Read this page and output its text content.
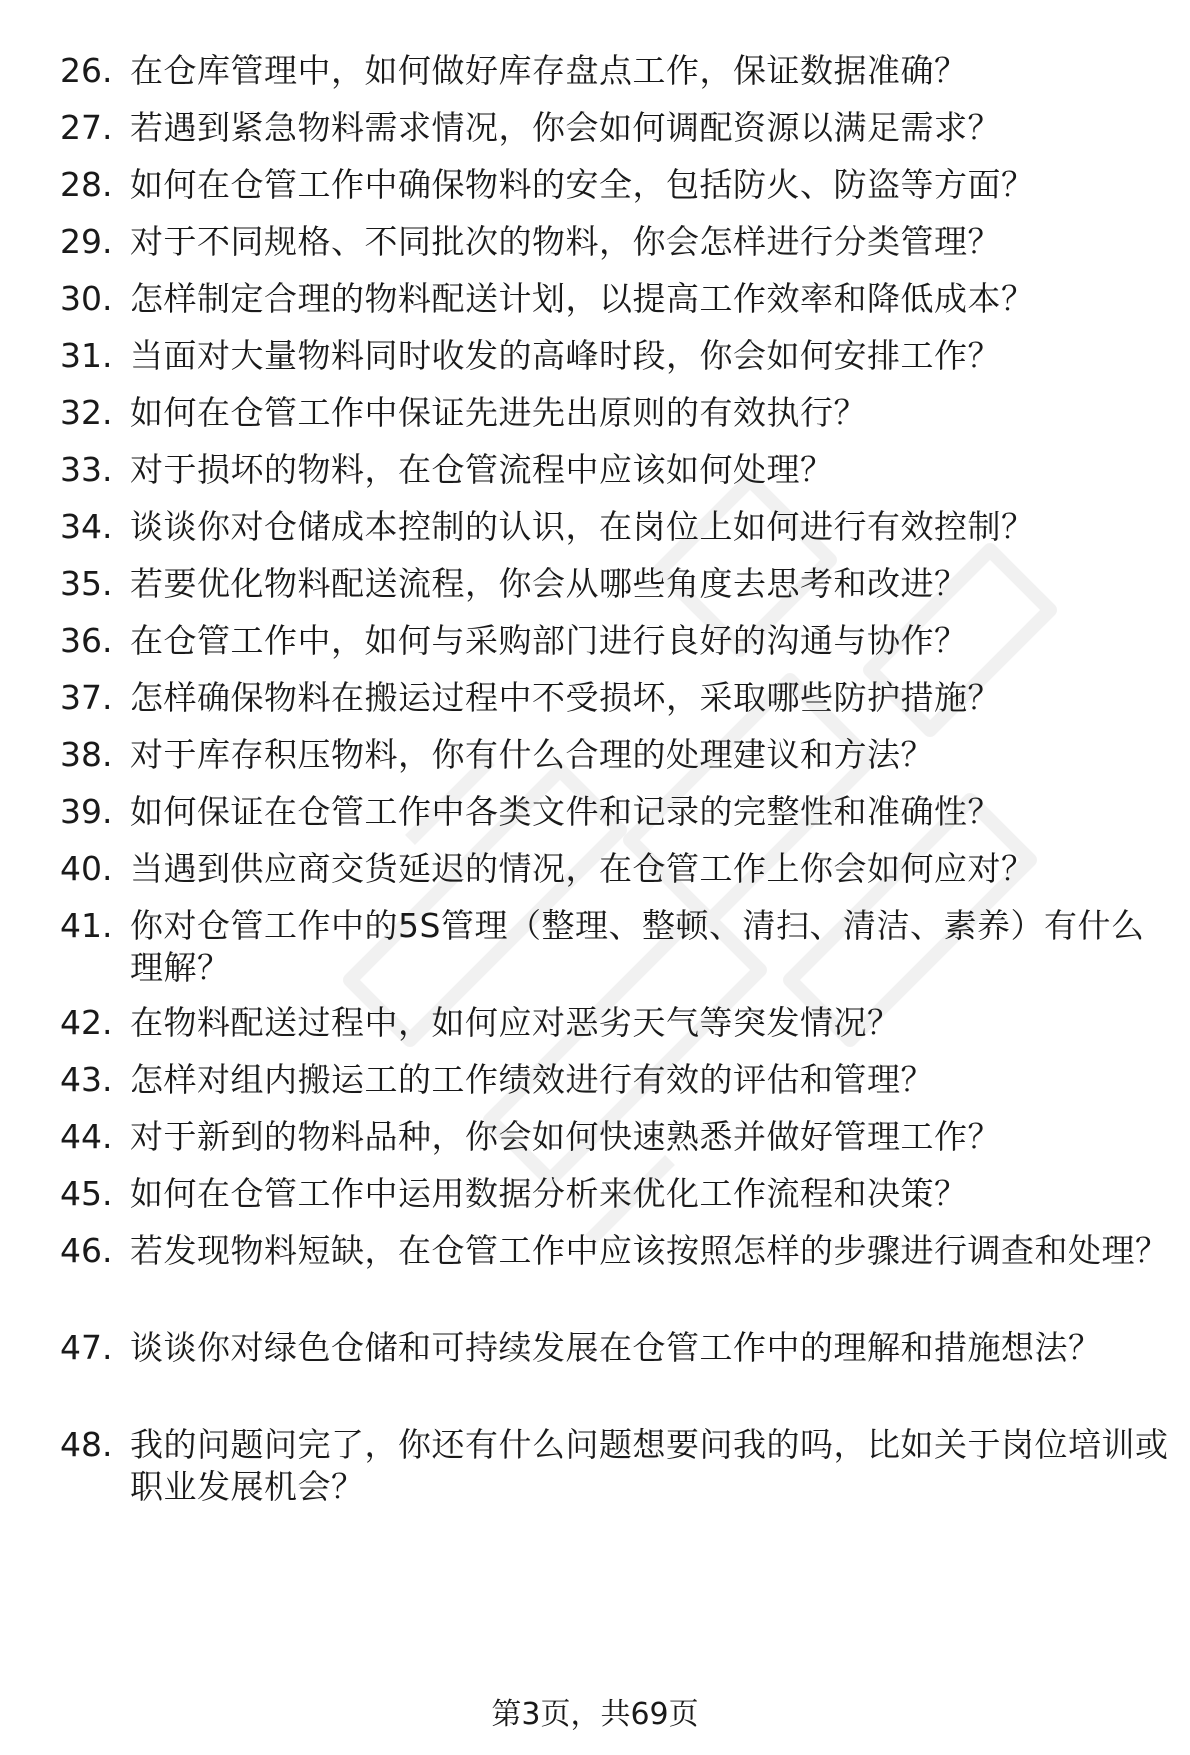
26. 在仓库管理中，如何做好库存盘点工作，保证数据准确？
27. 若遇到紧急物料需求情况，你会如何调配资源以满足需求？
28. 如何在仓管工作中确保物料的安全，包括防火、防盗等方面？
29. 对于不同规格、不同批次的物料，你会怎样进行分类管理？
30. 怎样制定合理的物料配送计划，以提高工作效率和降低成本？
31. 当面对大量物料同时收发的高峰时段，你会如何安排工作？
32. 如何在仓管工作中保证先进先出原则的有效执行？
33. 对于损坏的物料，在仓管流程中应该如何处理？
34. 谈谈你对仓储成本控制的认识，在岗位上如何进行有效控制？
35. 若要优化物料配送流程，你会从哪些角度去思考和改进？
36. 在仓管工作中，如何与采购部门进行良好的沟通与协作？
37. 怎样确保物料在搬运过程中不受损坏，采取哪些防护措施？
38. 对于库存积压物料，你有什么合理的处理建议和方法？
39. 如何保证在仓管工作中各类文件和记录的完整性和准确性？
40. 当遇到供应商交货延迟的情况，在仓管工作上你会如何应对？
41. 你对仓管工作中的5S管理（整理、整顿、清扫、清洁、素养）有什么理解？
42. 在物料配送过程中，如何应对恶劣天气等突发情况？
43. 怎样对组内搬运工的工作绩效进行有效的评估和管理？
44. 对于新到的物料品种，你会如何快速熟悉并做好管理工作？
45. 如何在仓管工作中运用数据分析来优化工作流程和决策？
46. 若发现物料短缺，在仓管工作中应该按照怎样的步骤进行调查和处理？
47. 谈谈你对绿色仓储和可持续发展在仓管工作中的理解和措施想法？
48. 我的问题问完了，你还有什么问题想要问我的吗，比如关于岗位培训或职业发展机会？
第3页，共69页
